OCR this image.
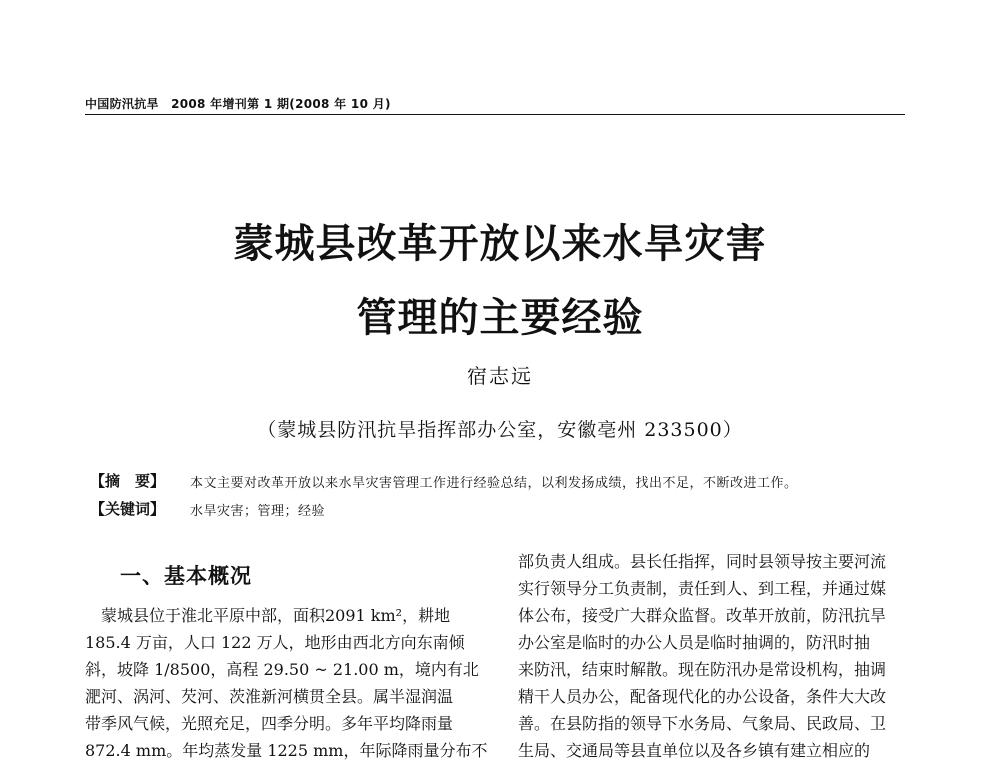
中国防汛抗旱　2008 年增刊第 1 期(2008 年 10 月)
蒙城县改革开放以来水旱灾害
管理的主要经验
宿志远
（蒙城县防汛抗旱指挥部办公室，安徽亳州 233500）
【摘　要】 本文主要对改革开放以来水旱灾害管理工作进行经验总结，以利发扬成绩，找出不足，不断改进工作。
【关键词】 水旱灾害；管理；经验
一、基本概况
　蒙城县位于淮北平原中部，面积2091 km²，耕地
185.4 万亩，人口 122 万人，地形由西北方向东南倾
斜，坡降 1/8500，高程 29.50 ~ 21.00 m，境内有北
淝河、涡河、芡河、茨淮新河横贯全县。属半湿润温
带季风气候，光照充足，四季分明。多年平均降雨量
872.4 mm。年均蒸发量 1225 mm，年际降雨量分布不
部负责人组成。县长任指挥，同时县领导按主要河流
实行领导分工负责制，责任到人、到工程，并通过媒
体公布，接受广大群众监督。改革开放前，防汛抗旱
办公室是临时的办公人员是临时抽调的，防汛时抽
来防汛，结束时解散。现在防汛办是常设机构，抽调
精干人员办公，配备现代化的办公设备，条件大大改
善。在县防指的领导下水务局、气象局、民政局、卫
生局、交通局等县直单位以及各乡镇有建立相应的
